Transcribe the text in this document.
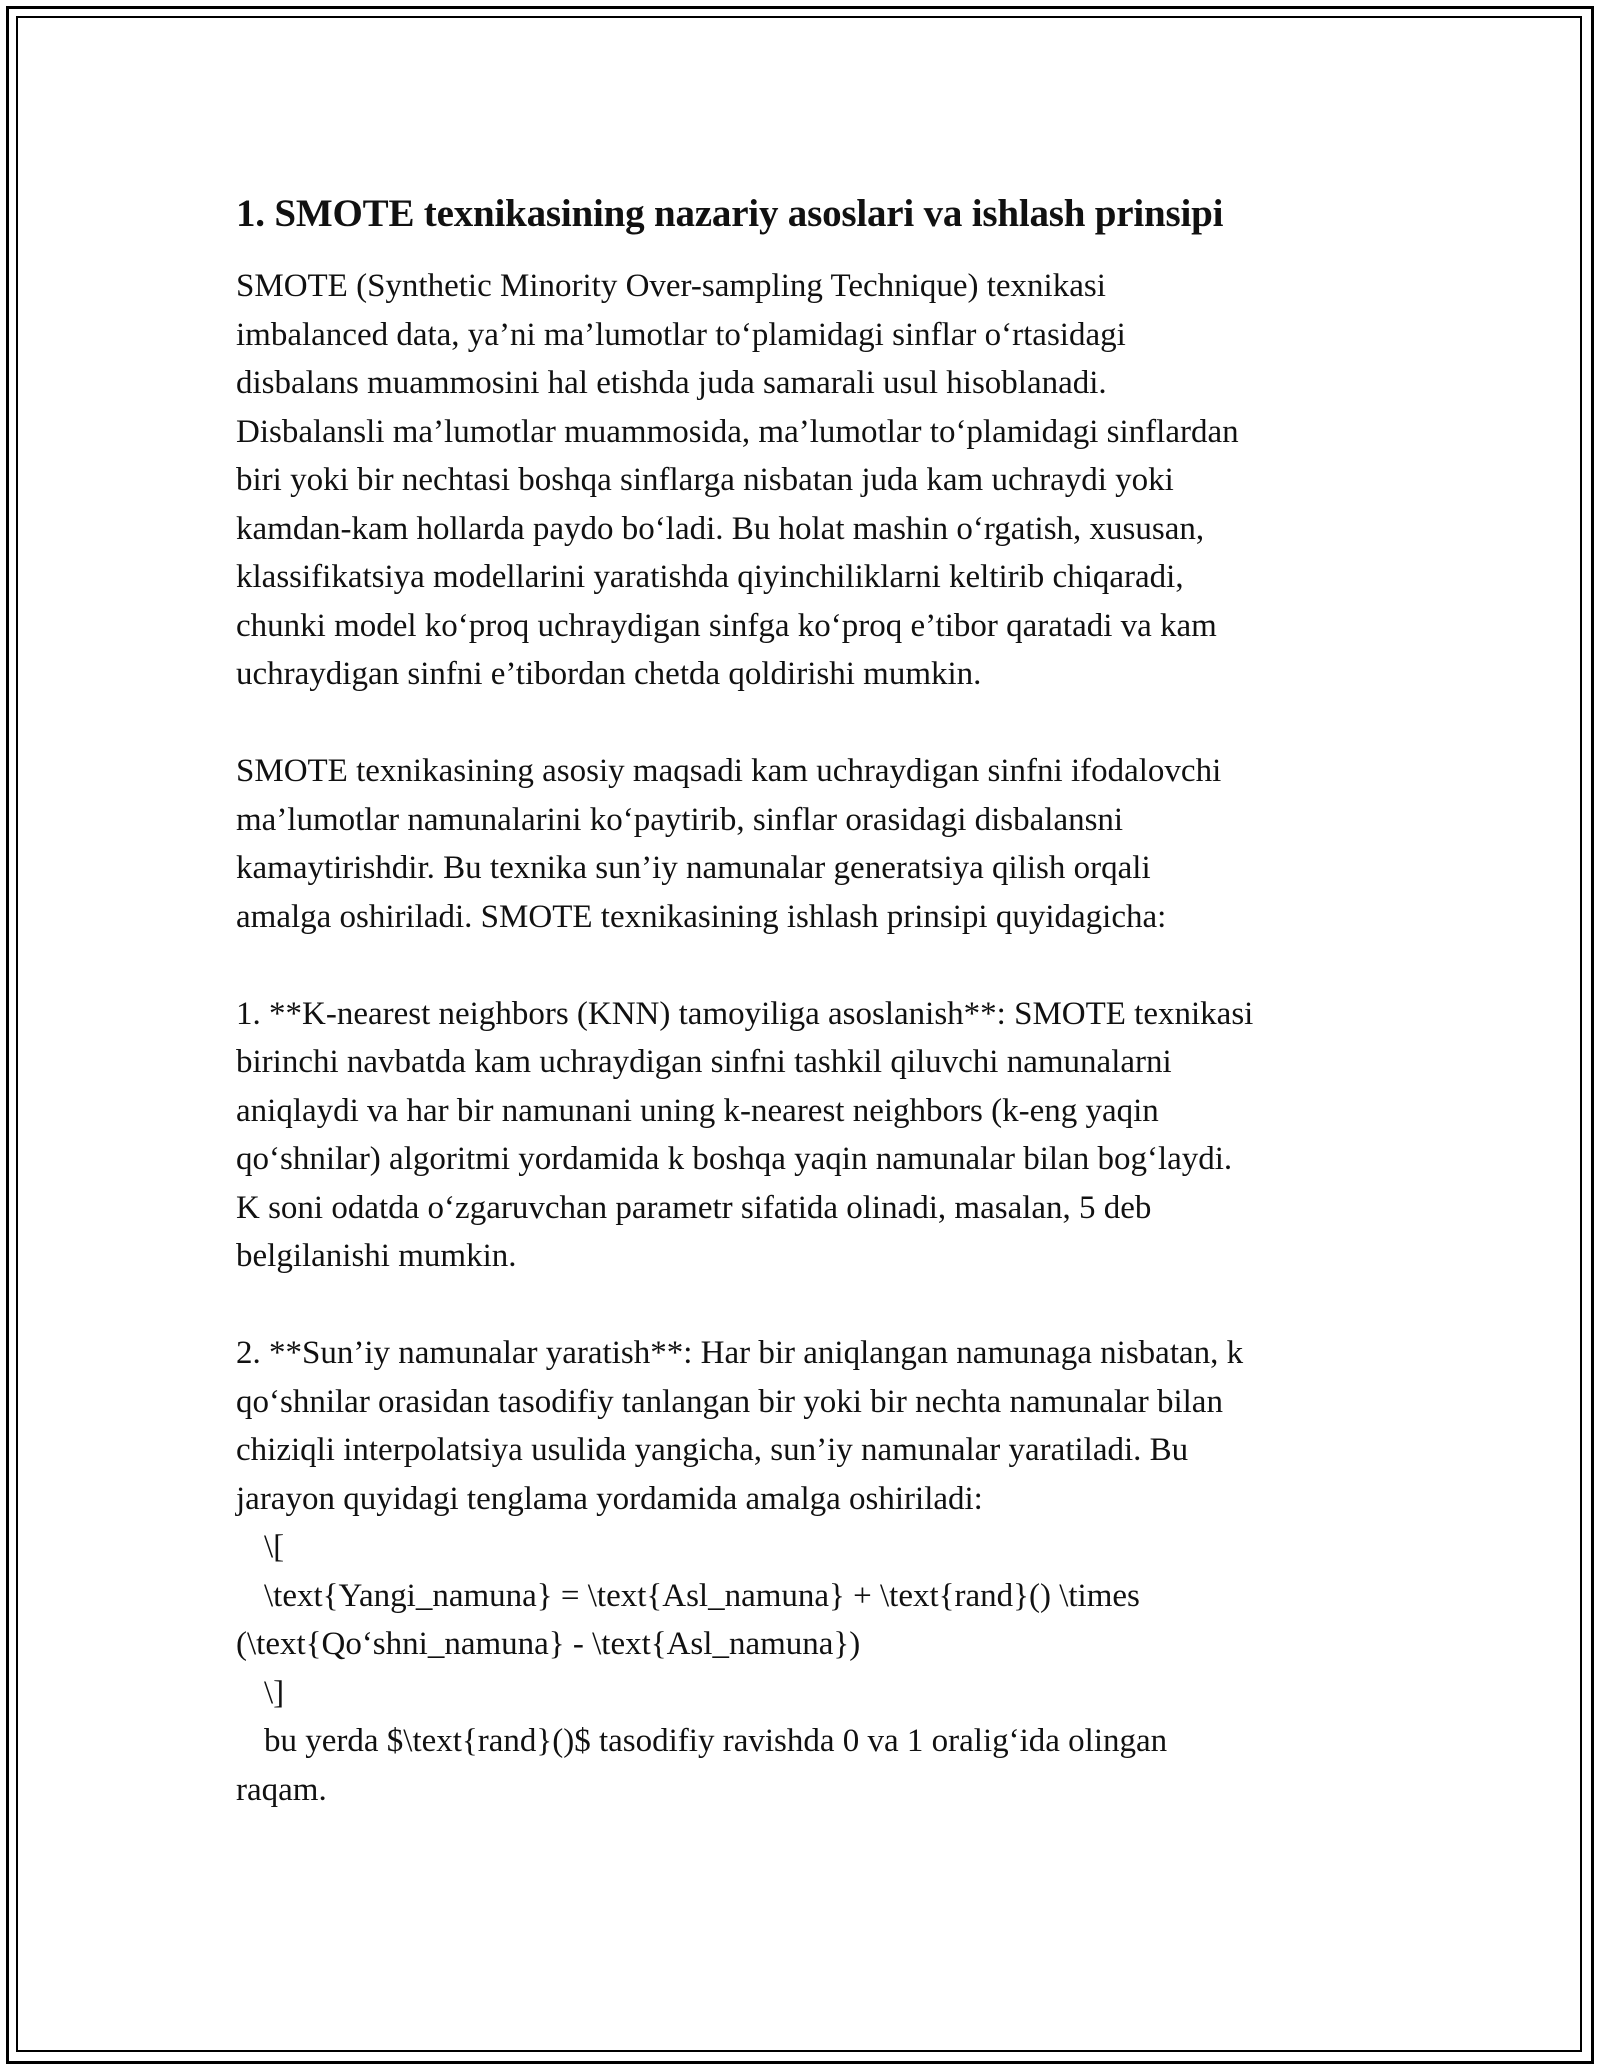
1. SMOTE texnikasining nazariy asoslari va ishlash prinsipi

SMOTE (Synthetic Minority Over-sampling Technique) texnikasi
imbalanced data, ya’ni ma’lumotlar to‘plamidagi sinflar o‘rtasidagi
disbalans muammosini hal etishda juda samarali usul hisoblanadi.
Disbalansli ma’lumotlar muammosida, ma’lumotlar to‘plamidagi sinflardan
biri yoki bir nechtasi boshqa sinflarga nisbatan juda kam uchraydi yoki
kamdan-kam hollarda paydo bo‘ladi. Bu holat mashin o‘rgatish, xususan,
klassifikatsiya modellarini yaratishda qiyinchiliklarni keltirib chiqaradi,
chunki model ko‘proq uchraydigan sinfga ko‘proq e’tibor qaratadi va kam
uchraydigan sinfni e’tibordan chetda qoldirishi mumkin.

SMOTE texnikasining asosiy maqsadi kam uchraydigan sinfni ifodalovchi
ma’lumotlar namunalarini ko‘paytirib, sinflar orasidagi disbalansni
kamaytirishdir. Bu texnika sun’iy namunalar generatsiya qilish orqali
amalga oshiriladi. SMOTE texnikasining ishlash prinsipi quyidagicha:

1. **K-nearest neighbors (KNN) tamoyiliga asoslanish**: SMOTE texnikasi
birinchi navbatda kam uchraydigan sinfni tashkil qiluvchi namunalarni
aniqlaydi va har bir namunani uning k-nearest neighbors (k-eng yaqin
qo‘shnilar) algoritmi yordamida k boshqa yaqin namunalar bilan bog‘laydi.
K soni odatda o‘zgaruvchan parametr sifatida olinadi, masalan, 5 deb
belgilanishi mumkin.

2. **Sun’iy namunalar yaratish**: Har bir aniqlangan namunaga nisbatan, k
qo‘shnilar orasidan tasodifiy tanlangan bir yoki bir nechta namunalar bilan
chiziqli interpolatsiya usulida yangicha, sun’iy namunalar yaratiladi. Bu
jarayon quyidagi tenglama yordamida amalga oshiriladi:

\[

\text{Yangi_namuna} = \text{Asl_namuna} + \text{rand}() \times

(\text{Qo‘shni_namuna} - \text{Asl_namuna})

\]

bu yerda $\text{rand}()$ tasodifiy ravishda 0 va 1 oralig‘ida olingan

raqam.
